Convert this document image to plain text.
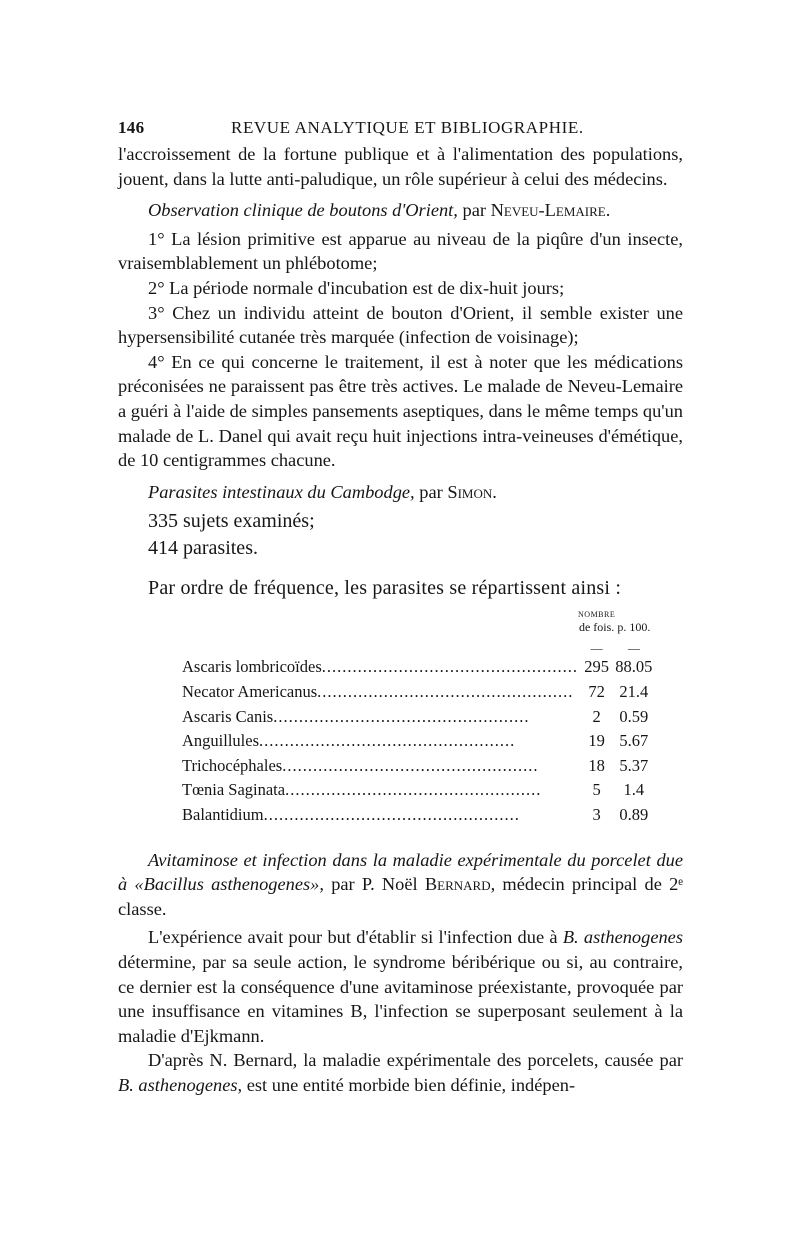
146	REVUE ANALYTIQUE ET BIBLIOGRAPHIE.

l'accroissement de la fortune publique et à l'alimentation des populations, jouent, dans la lutte anti-paludique, un rôle supérieur à celui des médecins.

Observation clinique de boutons d'Orient, par Neveu-Lemaire.

1° La lésion primitive est apparue au niveau de la piqûre d'un insecte, vraisemblablement un phlébotome;

2° La période normale d'incubation est de dix-huit jours;

3° Chez un individu atteint de bouton d'Orient, il semble exister une hypersensibilité cutanée très marquée (infection de voisinage);

4° En ce qui concerne le traitement, il est à noter que les médications préconisées ne paraissent pas être très actives. Le malade de Neveu-Lemaire a guéri à l'aide de simples pansements aseptiques, dans le même temps qu'un malade de L. Danel qui avait reçu huit injections intra-veineuses d'émétique, de 10 centigrammes chacune.

Parasites intestinaux du Cambodge, par Simon.

335 sujets examinés;
414 parasites.
Par ordre de fréquence, les parasites se répartissent ainsi :

	NOMBRE
de fois.	p. 100.
	—	—
Ascaris lombricoïdes..................................................	295	88.05
Necator Americanus..................................................	72	21.4
Ascaris Canis..................................................	2	0.59
Anguillules..................................................	19	5.67
Trichocéphales..................................................	18	5.37
Tœnia Saginata..................................................	5	1.4
Balantidium..................................................	3	0.89

Avitaminose et infection dans la maladie expérimentale du porcelet due à «Bacillus asthenogenes», par P. Noël Bernard, médecin principal de 2ᵉ classe.

L'expérience avait pour but d'établir si l'infection due à B. asthenogenes détermine, par sa seule action, le syndrome béribérique ou si, au contraire, ce dernier est la conséquence d'une avitaminose préexistante, provoquée par une insuffisance en vitamines B, l'infection se superposant seulement à la maladie d'Ejkmann.

D'après N. Bernard, la maladie expérimentale des porcelets, causée par B. asthenogenes, est une entité morbide bien définie, indépen-
